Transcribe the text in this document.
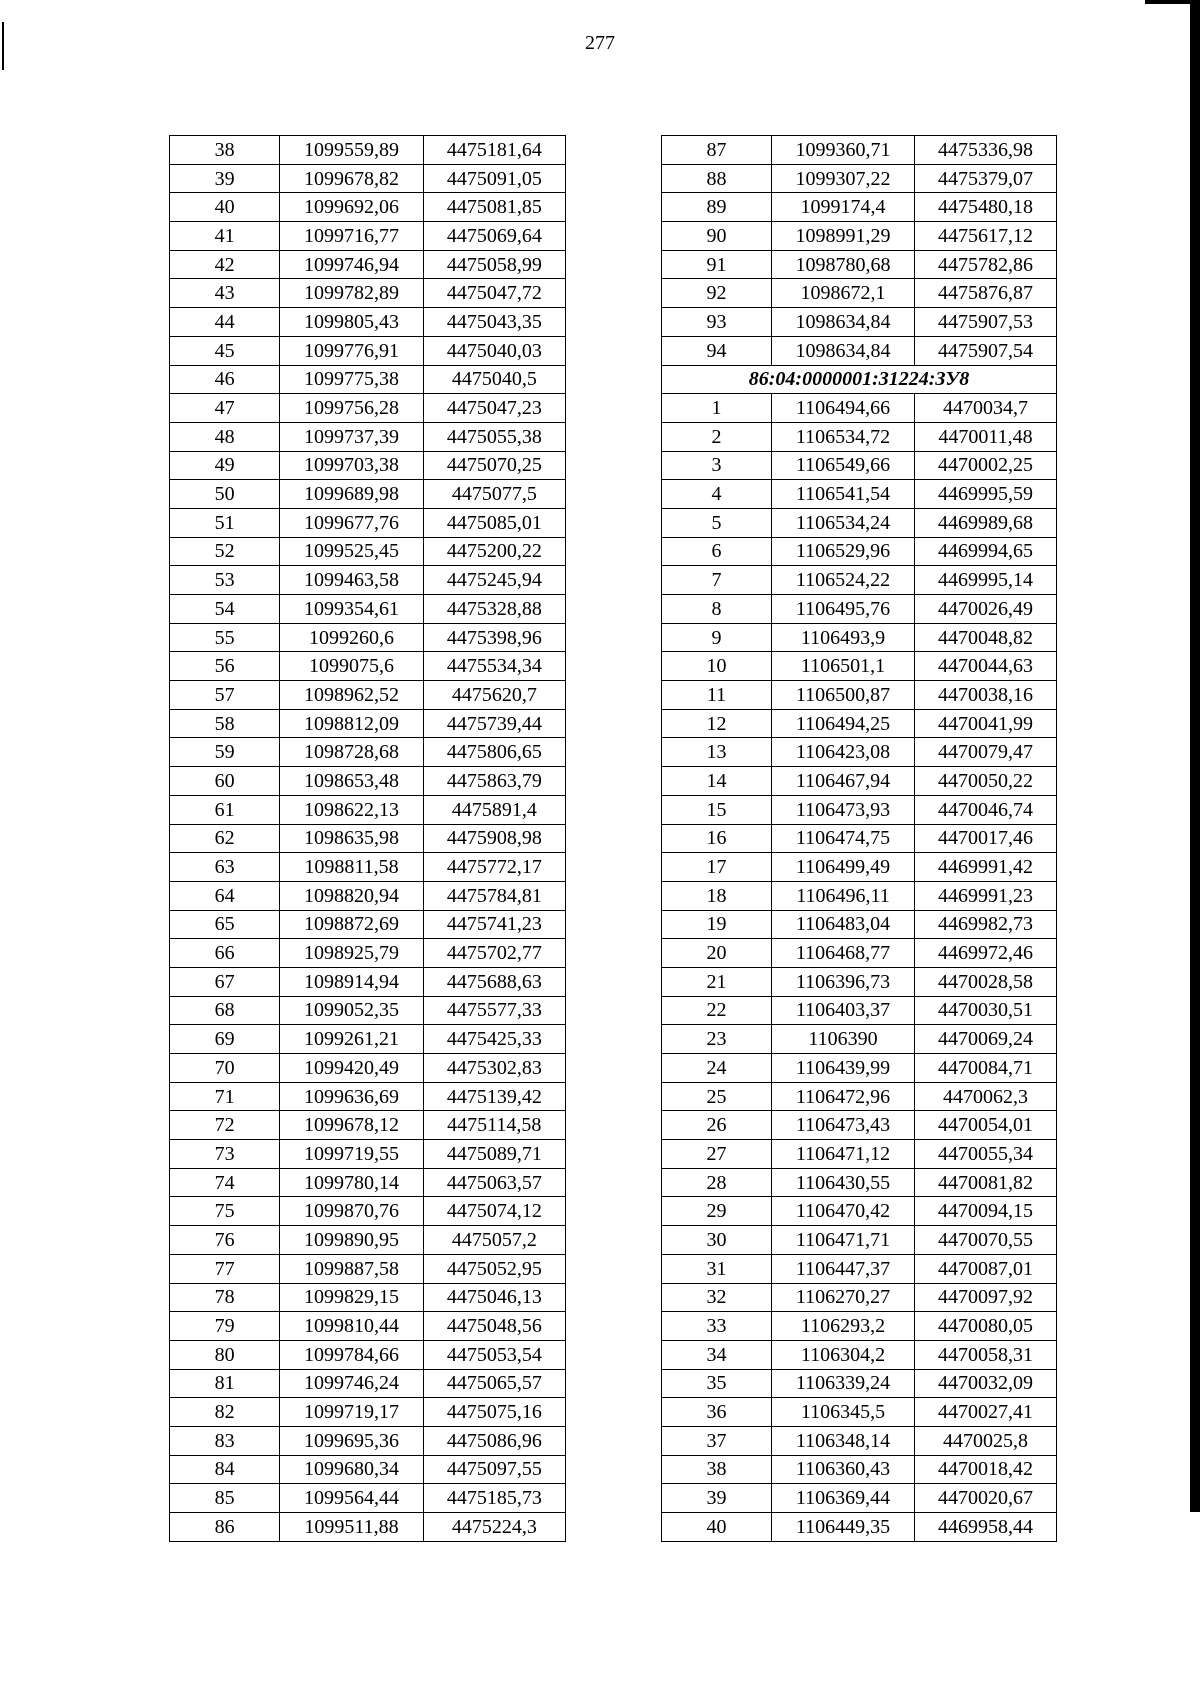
277
38	1099559,89	4475181,64
39	1099678,82	4475091,05
40	1099692,06	4475081,85
41	1099716,77	4475069,64
42	1099746,94	4475058,99
43	1099782,89	4475047,72
44	1099805,43	4475043,35
45	1099776,91	4475040,03
46	1099775,38	4475040,5
47	1099756,28	4475047,23
48	1099737,39	4475055,38
49	1099703,38	4475070,25
50	1099689,98	4475077,5
51	1099677,76	4475085,01
52	1099525,45	4475200,22
53	1099463,58	4475245,94
54	1099354,61	4475328,88
55	1099260,6	4475398,96
56	1099075,6	4475534,34
57	1098962,52	4475620,7
58	1098812,09	4475739,44
59	1098728,68	4475806,65
60	1098653,48	4475863,79
61	1098622,13	4475891,4
62	1098635,98	4475908,98
63	1098811,58	4475772,17
64	1098820,94	4475784,81
65	1098872,69	4475741,23
66	1098925,79	4475702,77
67	1098914,94	4475688,63
68	1099052,35	4475577,33
69	1099261,21	4475425,33
70	1099420,49	4475302,83
71	1099636,69	4475139,42
72	1099678,12	4475114,58
73	1099719,55	4475089,71
74	1099780,14	4475063,57
75	1099870,76	4475074,12
76	1099890,95	4475057,2
77	1099887,58	4475052,95
78	1099829,15	4475046,13
79	1099810,44	4475048,56
80	1099784,66	4475053,54
81	1099746,24	4475065,57
82	1099719,17	4475075,16
83	1099695,36	4475086,96
84	1099680,34	4475097,55
85	1099564,44	4475185,73
86	1099511,88	4475224,3
87	1099360,71	4475336,98
88	1099307,22	4475379,07
89	1099174,4	4475480,18
90	1098991,29	4475617,12
91	1098780,68	4475782,86
92	1098672,1	4475876,87
93	1098634,84	4475907,53
94	1098634,84	4475907,54
86:04:0000001:31224:ЗУ8		
1	1106494,66	4470034,7
2	1106534,72	4470011,48
3	1106549,66	4470002,25
4	1106541,54	4469995,59
5	1106534,24	4469989,68
6	1106529,96	4469994,65
7	1106524,22	4469995,14
8	1106495,76	4470026,49
9	1106493,9	4470048,82
10	1106501,1	4470044,63
11	1106500,87	4470038,16
12	1106494,25	4470041,99
13	1106423,08	4470079,47
14	1106467,94	4470050,22
15	1106473,93	4470046,74
16	1106474,75	4470017,46
17	1106499,49	4469991,42
18	1106496,11	4469991,23
19	1106483,04	4469982,73
20	1106468,77	4469972,46
21	1106396,73	4470028,58
22	1106403,37	4470030,51
23	1106390	4470069,24
24	1106439,99	4470084,71
25	1106472,96	4470062,3
26	1106473,43	4470054,01
27	1106471,12	4470055,34
28	1106430,55	4470081,82
29	1106470,42	4470094,15
30	1106471,71	4470070,55
31	1106447,37	4470087,01
32	1106270,27	4470097,92
33	1106293,2	4470080,05
34	1106304,2	4470058,31
35	1106339,24	4470032,09
36	1106345,5	4470027,41
37	1106348,14	4470025,8
38	1106360,43	4470018,42
39	1106369,44	4470020,67
40	1106449,35	4469958,44
